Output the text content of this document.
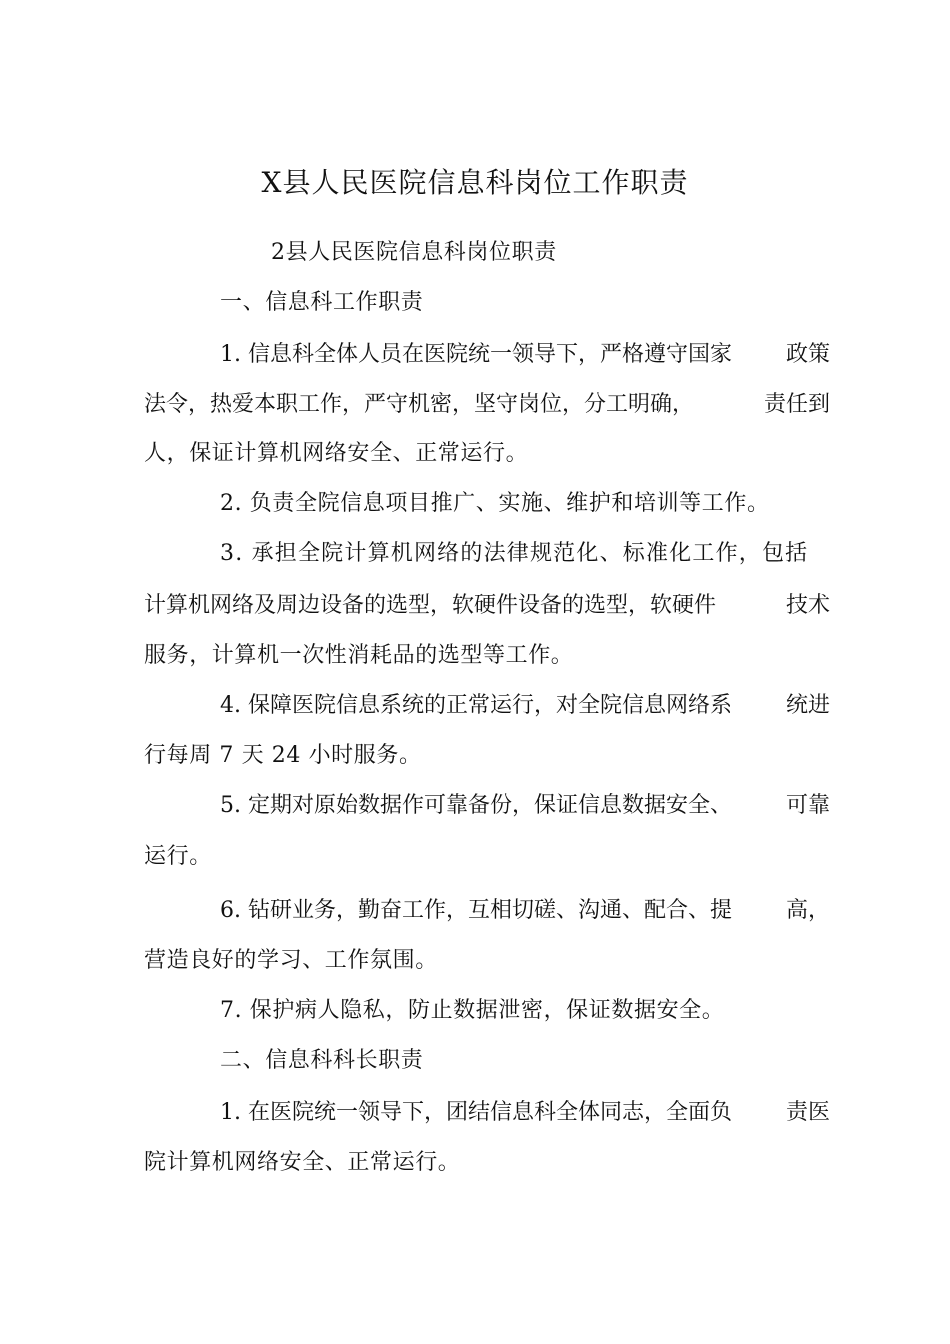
X县人民医院信息科岗位工作职责
2县人民医院信息科岗位职责
一、信息科工作职责
1. 信息科全体人员在医院统一领导下，严格遵守国家 政策
法令，热爱本职工作，严守机密，坚守岗位，分工明确，	责任到
人，保证计算机网络安全、正常运行。
2. 负责全院信息项目推广、实施、维护和培训等工作。
3. 承担全院计算机网络的法律规范化、标准化工作，包括
计算机网络及周边设备的选型，软硬件设备的选型，软硬件	技术
服务，计算机一次性消耗品的选型等工作。
4. 保障医院信息系统的正常运行，对全院信息网络系 统进
行每周 7 天 24 小时服务。
5. 定期对原始数据作可靠备份，保证信息数据安全、 可靠
运行。
6. 钻研业务，勤奋工作，互相切磋、沟通、配合、提 高，
营造良好的学习、工作氛围。
7. 保护病人隐私，防止数据泄密，保证数据安全。
二、信息科科长职责
1. 在医院统一领导下，团结信息科全体同志，全面负 责医
院计算机网络安全、正常运行。
